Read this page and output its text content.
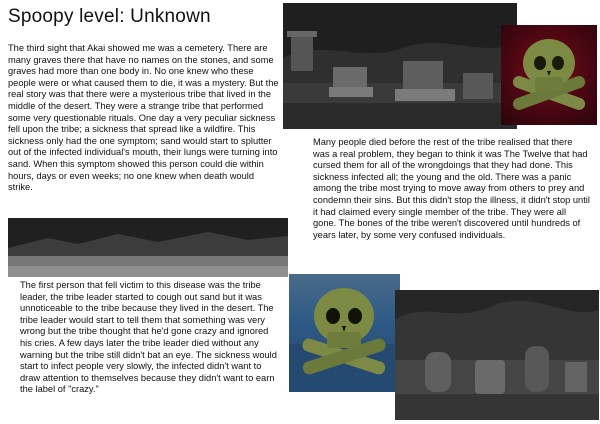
Spoopy level: Unknown

The third sight that Akai showed me was a cemetery. There are many graves there that have no names on the stones, and some graves had more than one body in. No one knew who these people were or what caused them to die, it was a mystery. But the real story was that there were a mysterious tribe that lived in the middle of the desert. They were a strange tribe that performed some very questionable rituals. One day a very peculiar sickness fell upon the tribe; a sickness that spread like a wildfire. This sickness only had the one symptom; sand would start to splutter out of the infected individual's mouth, their lungs were turning into sand. When this symptom showed this person could die within hours, days or even weeks; no one knew when death would strike.

Many people died before the rest of the tribe realised that there was a real problem, they began to think it was The Twelve that had cursed them for all of the wrongdoings that they had done. This sickness infected all; the young and the old. There was a panic among the tribe most trying to move away from others to prey and condemn their sins. But this didn't stop the illness, it didn't stop until it had claimed every single member of the tribe. They were all gone. The bones of the tribe weren't discovered until hundreds of years later, by some very confused individuals.

The first person that fell victim to this disease was the tribe leader, the tribe leader started to cough out sand but it was unnoticeable to the tribe because they lived in the desert. The tribe leader would start to tell them that something was very wrong but the tribe thought that he'd gone crazy and ignored his cries. A few days later the tribe leader died without any warning but the tribe still didn't bat an eye. The sickness would start to infect people very slowly, the infected didn't want to draw attention to themselves because they didn't want to earn the label of "crazy."
